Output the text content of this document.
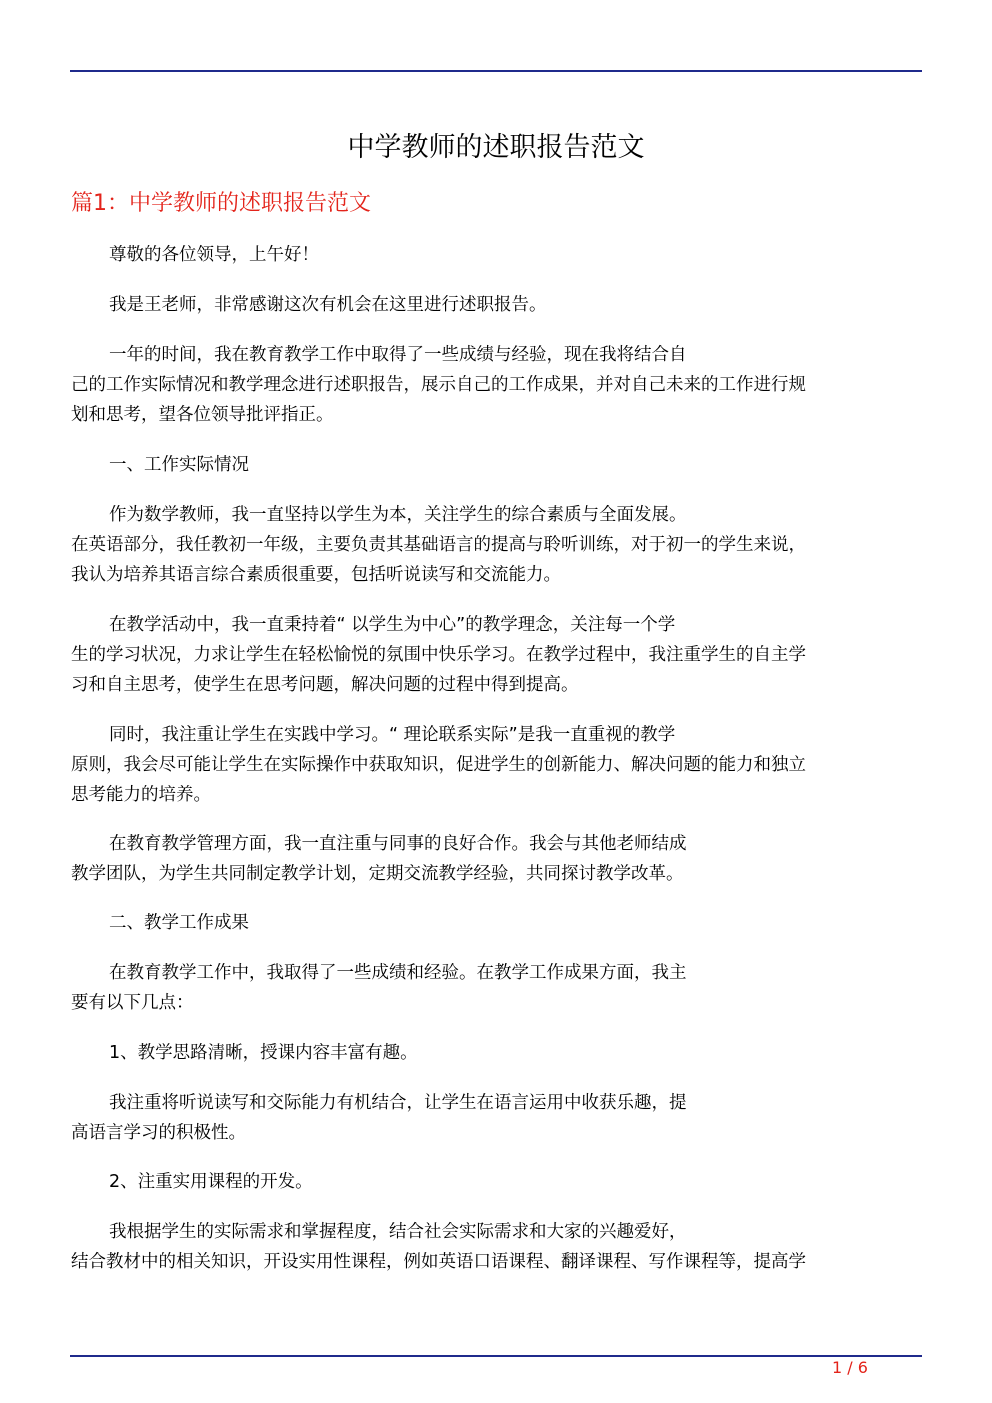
中学教师的述职报告范文
篇1：中学教师的述职报告范文

尊敬的各位领导，上午好！

我是王老师，非常感谢这次有机会在这里进行述职报告。

一年的时间，我在教育教学工作中取得了一些成绩与经验，现在我将结合自
己的工作实际情况和教学理念进行述职报告，展示自己的工作成果，并对自己未来的工作进行规
划和思考，望各位领导批评指正。

一、工作实际情况

作为数学教师，我一直坚持以学生为本，关注学生的综合素质与全面发展。
在英语部分，我任教初一年级，主要负责其基础语言的提高与聆听训练，对于初一的学生来说，
我认为培养其语言综合素质很重要，包括听说读写和交流能力。

在教学活动中，我一直秉持着“ 以学生为中心”的教学理念，关注每一个学
生的学习状况，力求让学生在轻松愉悦的氛围中快乐学习。在教学过程中，我注重学生的自主学
习和自主思考，使学生在思考问题，解决问题的过程中得到提高。

同时，我注重让学生在实践中学习。“ 理论联系实际”是我一直重视的教学
原则，我会尽可能让学生在实际操作中获取知识，促进学生的创新能力、解决问题的能力和独立
思考能力的培养。

在教育教学管理方面，我一直注重与同事的良好合作。我会与其他老师结成
教学团队，为学生共同制定教学计划，定期交流教学经验，共同探讨教学改革。

二、教学工作成果

在教育教学工作中，我取得了一些成绩和经验。在教学工作成果方面，我主
要有以下几点：

1、教学思路清晰，授课内容丰富有趣。

我注重将听说读写和交际能力有机结合，让学生在语言运用中收获乐趣，提
高语言学习的积极性。

2、注重实用课程的开发。

我根据学生的实际需求和掌握程度，结合社会实际需求和大家的兴趣爱好，
结合教材中的相关知识，开设实用性课程，例如英语口语课程、翻译课程、写作课程等，提高学

1 / 6
